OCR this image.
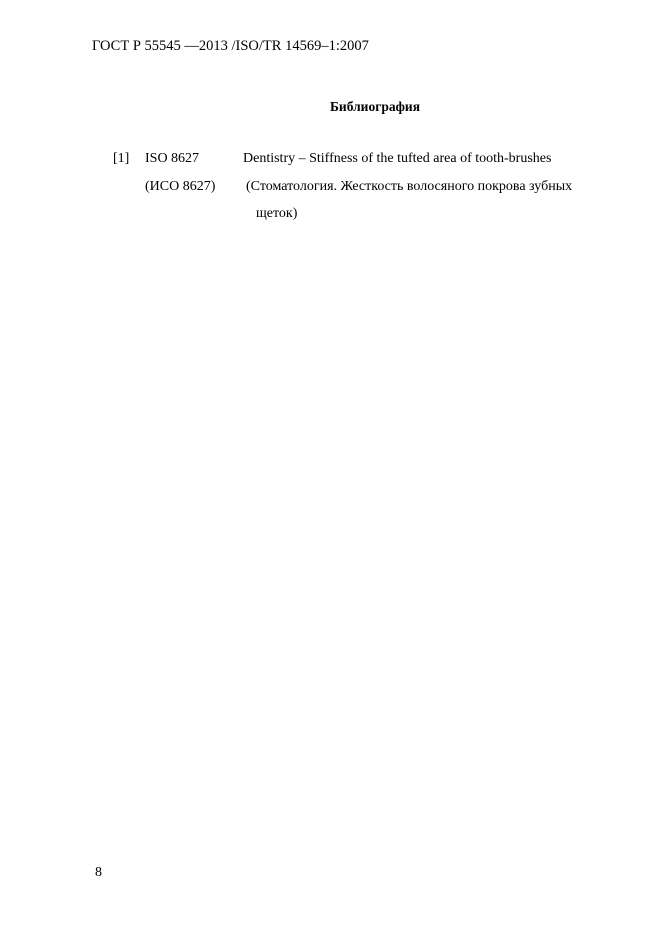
ГОСТ Р 55545 —2013 /ISO/TR 14569–1:2007
Библиография
[1] ISO 8627	Dentistry – Stiffness of the tufted area of tooth-brushes
(ИСО 8627) (Стоматология. Жесткость волосяного покрова зубных
щеток)
8
